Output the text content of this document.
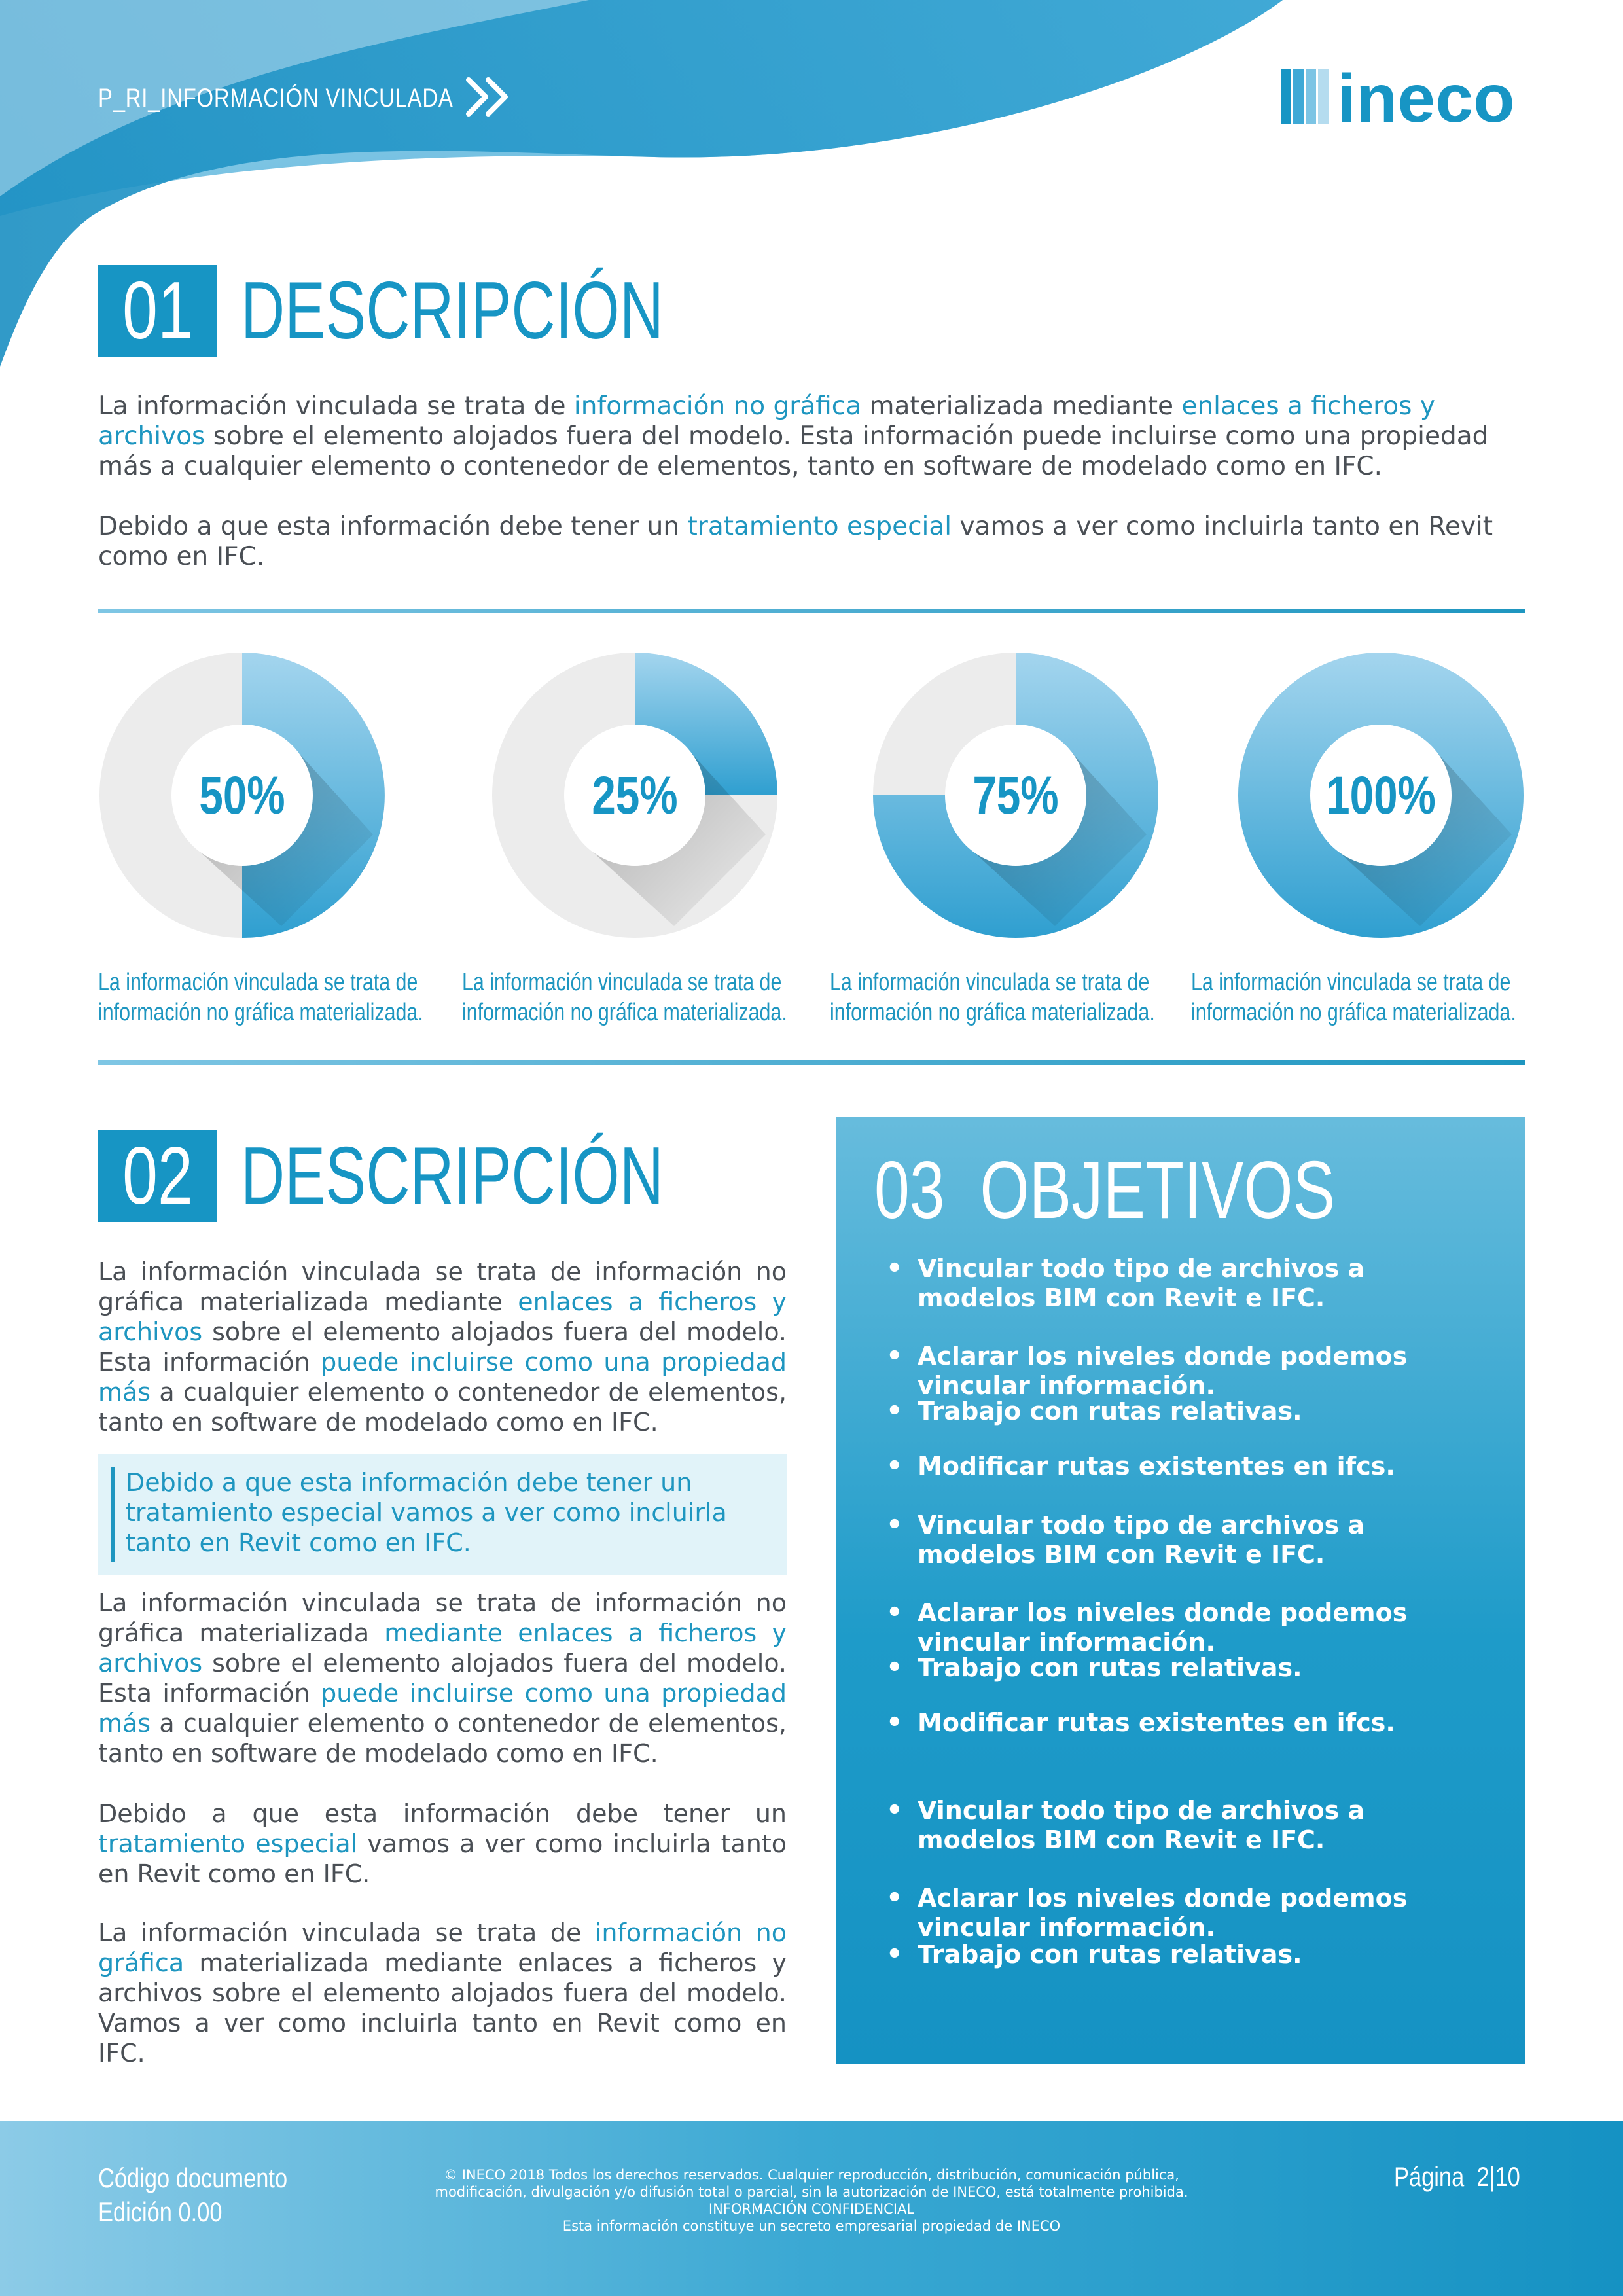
P_RI_INFORMACIÓN VINCULADA	ineco
01 DESCRIPCIÓN

La información vinculada se trata de información no gráfica materializada mediante enlaces a ficheros y archivos sobre el elemento alojados fuera del modelo. Esta información puede incluirse como una propiedad más a cualquier elemento o contenedor de elementos, tanto en software de modelado como en IFC.

Debido a que esta información debe tener un tratamiento especial vamos a ver como incluirla tanto en Revit como en IFC.

50%	25%	75%	100%
La información vinculada se trata de
información no gráfica materializada.
La información vinculada se trata de
información no gráfica materializada.
La información vinculada se trata de
información no gráfica materializada.
La información vinculada se trata de
información no gráfica materializada.
02 DESCRIPCIÓN

La información vinculada se trata de información no gráfica materializada mediante enlaces a ficheros y archivos sobre el elemento alojados fuera del modelo. Esta información puede incluirse como una propiedad más a cualquier elemento o contenedor de elementos, tanto en software de modelado como en IFC.

Debido a que esta información debe tener un tratamiento especial vamos a ver como incluirla tanto en Revit como en IFC.

La información vinculada se trata de información no gráfica materializada mediante enlaces a ficheros y archivos sobre el elemento alojados fuera del modelo. Esta información puede incluirse como una propiedad más a cualquier elemento o contenedor de elementos, tanto en software de modelado como en IFC.

Debido a que esta información debe tener un tratamiento especial vamos a ver como incluirla tanto en Revit como en IFC.

La información vinculada se trata de información no gráfica materializada mediante enlaces a ficheros y archivos sobre el elemento alojados fuera del modelo. Vamos a ver como incluirla tanto en Revit como en IFC.

03 OBJETIVOS
• Vincular todo tipo de archivos a modelos BIM con Revit e IFC.
• Aclarar los niveles donde podemos vincular información.
• Trabajo con rutas relativas.
• Modificar rutas existentes en ifcs.
• Vincular todo tipo de archivos a modelos BIM con Revit e IFC.
• Aclarar los niveles donde podemos vincular información.
• Trabajo con rutas relativas.
• Modificar rutas existentes en ifcs.
• Vincular todo tipo de archivos a modelos BIM con Revit e IFC.
• Aclarar los niveles donde podemos vincular información.
• Trabajo con rutas relativas.
Código documento
Edición 0.00
© INECO 2018 Todos los derechos reservados. Cualquier reproducción, distribución, comunicación pública,
modificación, divulgación y/o difusión total o parcial, sin la autorización de INECO, está totalmente prohibida.
INFORMACIÓN CONFIDENCIAL
Esta información constituye un secreto empresarial propiedad de INECO
Página 2|10
